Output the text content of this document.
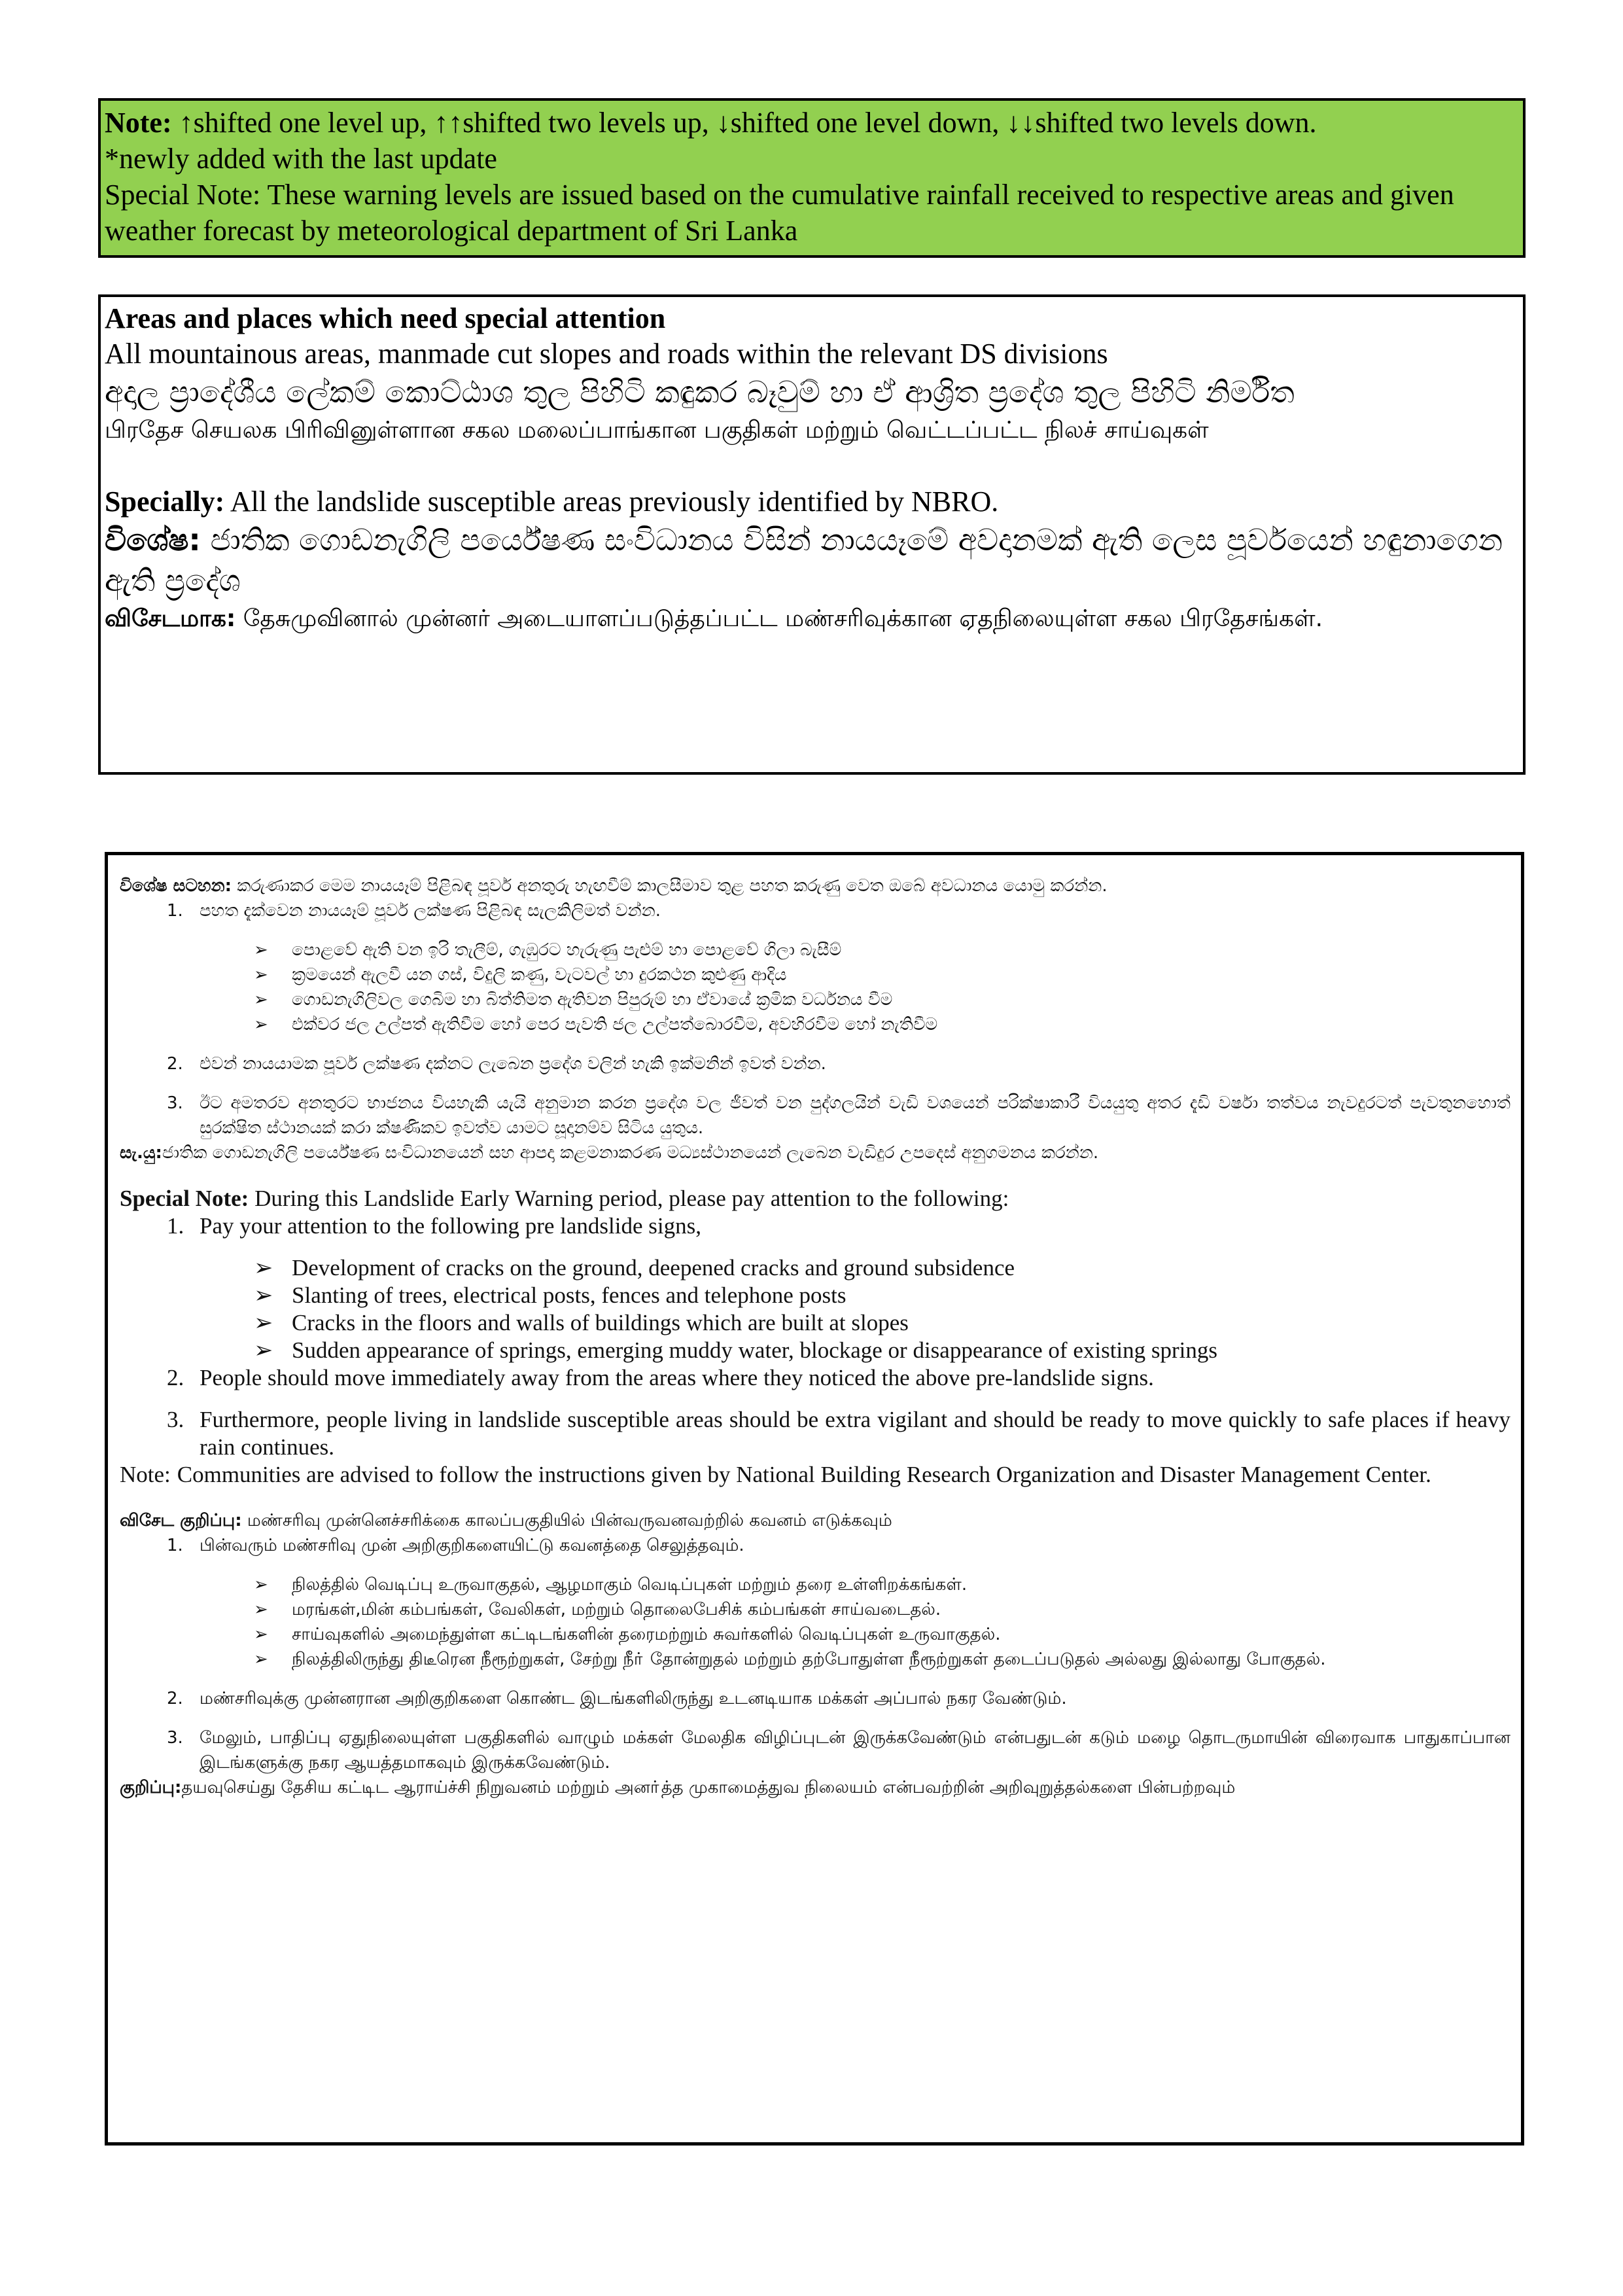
Note: ↑shifted one level up, ↑↑shifted two levels up, ↓shifted one level down, ↓↓shifted two levels down.

*newly added with the last update

Special Note: These warning levels are issued based on the cumulative rainfall received to respective areas and given weather forecast by meteorological department of Sri Lanka

Areas and places which need special attention

All mountainous areas, manmade cut slopes and roads within the relevant DS divisions

අදාල ප්‍රාදේශීය ලේකම් කොට්ඨාශ තුල පිහිටි කඳුකර බෑවුම් හා ඒ ආශ්‍රිත ප්‍රදේශ තුල පිහිටි නිර්මිත

பிரதேச செயலக பிரிவினுள்ளான சகல மலைப்பாங்கான பகுதிகள் மற்றும் வெட்டப்பட்ட நிலச் சாய்வுகள்

Specially: All the landslide susceptible areas previously identified by NBRO.

විශේෂ: ජාතික ගොඩනැගිලි පර්යේෂණ සංවිධානය විසින් නායයෑමේ අවදානමක් ඇති ලෙස පූර්වයෙන් හඳුනාගෙන ඇති ප්‍රදේශ

விசேடமாக: தேசுமுவினால் முன்னர் அடையாளப்படுத்தப்பட்ட மண்சரிவுக்கான ஏதநிலையுள்ள சகல பிரதேசங்கள்.

විශේෂ සටහන: කරුණාකර මෙම නායයෑම් පිළිබඳ පූර්ව අනතුරු හැඟවීම් කාලසීමාව තුළ පහත කරුණු වෙත ඔබේ අවධානය යොමු කරන්න.

1. පහත දැක්වෙන නායයෑම් පූර්ව ලක්ෂණ පිළිබඳ සැලකිලිමත් වන්න.
➢	පොළවේ ඇති වන ඉරි තැලීම්, ගැඹුරට හැරුණු පැළුම් හා පොළවේ ගිලා බැසීම්
➢	ක්‍රමයෙන් ඇලවී යන ගස්, විදුලි කණු, වැටවල් හා දුරකථන කුළුණු ආදිය
➢	ගොඩනැගිලිවල ගෙබිම හා බිත්තිමත ඇතිවන පිපුරුම් හා ඒවායේ ක්‍රමික වර්ධනය වීම
➢	එක්වර ජල උල්පත් ඇතිවීම හෝ පෙර පැවති ජල උල්පත්බොරවීම, අවහිරවීම හෝ නැතිවීම
2. එවන් නායයාමක පූර්ව ලක්ෂණ දක්නට ලැබෙන ප්‍රදේශ වලින් හැකි ඉක්මනින් ඉවත් වන්න.
3. ඊට අමතරව අනතුරට භාජනය වියහැකි යැයි අනුමාන කරන ප්‍රදේශ වල ජීවත් වන පුද්ගලයින් වැඩි වශයෙන් පරික්ෂාකාරී වියයුතු අතර දැඩි වර්ෂා තත්වය නැවදුරටත් පැවතුනහොත් සුරක්ෂිත ස්ථානයක් කරා ක්ෂණිකව ඉවත්ව යාමට සූදානම්ව සිටිය යුතුය.
සැ.යු: ජාතික ගොඩනැගිලි පර්යේෂණ සංවිධානයෙන් සහ ආපදා කළමනාකරණ මධ්‍යස්ථානයෙන් ලැබෙන වැඩිදුර උපදෙස් අනුගමනය කරන්න.

Special Note: During this Landslide Early Warning period, please pay attention to the following:

1. Pay your attention to the following pre landslide signs,
➢ Development of cracks on the ground, deepened cracks and ground subsidence
➢ Slanting of trees, electrical posts, fences and telephone posts
➢ Cracks in the floors and walls of buildings which are built at slopes
➢ Sudden appearance of springs, emerging muddy water, blockage or disappearance of existing springs
2. People should move immediately away from the areas where they noticed the above pre-landslide signs.
3. Furthermore, people living in landslide susceptible areas should be extra vigilant and should be ready to move quickly to safe places if heavy rain continues.
Note: Communities are advised to follow the instructions given by National Building Research Organization and Disaster Management Center.

விசேட குறிப்பு: மண்சரிவு முன்னெச்சரிக்கை காலப்பகுதியில் பின்வருவனவற்றில் கவனம் எடுக்கவும்

1. பின்வரும் மண்சரிவு முன் அறிகுறிகளையிட்டு கவனத்தை செலுத்தவும்.
➢	நிலத்தில் வெடிப்பு உருவாகுதல், ஆழமாகும் வெடிப்புகள் மற்றும் தரை உள்ளிறக்கங்கள்.
➢	மரங்கள்,மின் கம்பங்கள், வேலிகள், மற்றும் தொலைபேசிக் கம்பங்கள் சாய்வடைதல்.
➢	சாய்வுகளில் அமைந்துள்ள கட்டிடங்களின் தரைமற்றும் சுவர்களில் வெடிப்புகள் உருவாகுதல்.
➢	நிலத்திலிருந்து திடீரென நீரூற்றுகள், சேற்று நீா் தோன்றுதல் மற்றும் தற்போதுள்ள நீரூற்றுகள் தடைப்படுதல் அல்லது இல்லாது போகுதல்.
2. மண்சரிவுக்கு முன்னரான அறிகுறிகளை கொண்ட இடங்களிலிருந்து உடனடியாக மக்கள் அப்பால் நகர வேண்டும்.
3. மேலும், பாதிப்பு ஏதுநிலையுள்ள பகுதிகளில் வாழும் மக்கள் மேலதிக விழிப்புடன் இருக்கவேண்டும் என்பதுடன் கடும் மழை தொடருமாயின் விரைவாக பாதுகாப்பான இடங்களுக்கு நகர ஆயத்தமாகவும் இருக்கவேண்டும்.
குறிப்பு: தயவுசெய்து தேசிய கட்டிட ஆராய்ச்சி நிறுவனம் மற்றும் அனா்த்த முகாமைத்துவ நிலையம் என்பவற்றின் அறிவுறுத்தல்களை பின்பற்றவும்
